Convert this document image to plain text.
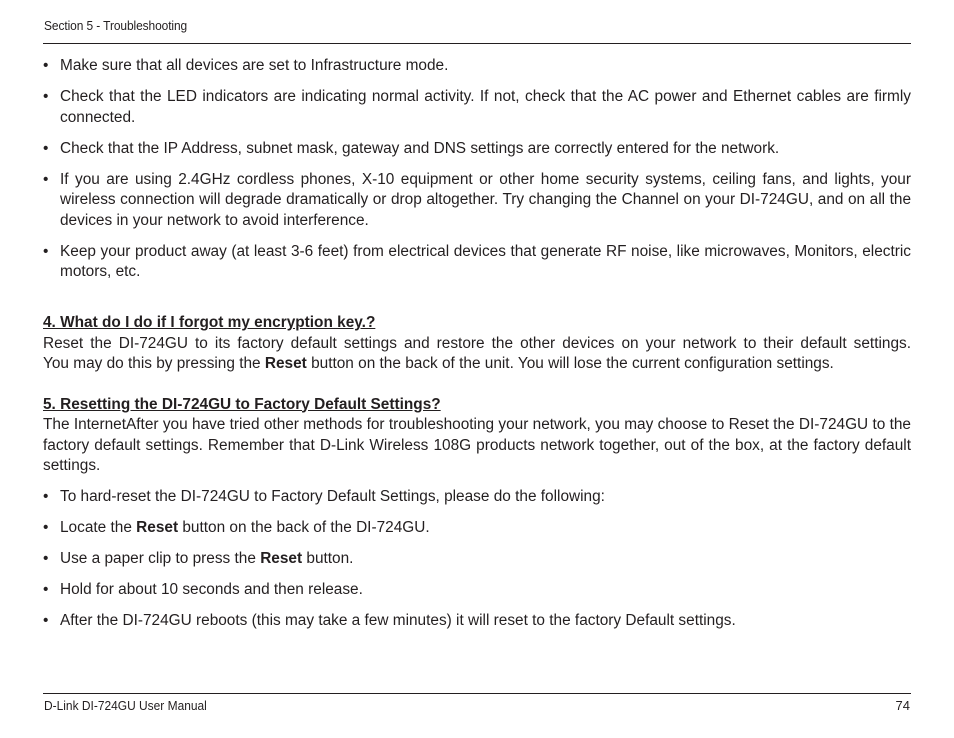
Section 5 - Troubleshooting
• Make sure that all devices are set to Infrastructure mode.
• Check that the LED indicators are indicating normal activity. If not, check that the AC power and Ethernet cables are firmly connected.
• Check that the IP Address, subnet mask, gateway and DNS settings are correctly entered for the network.
• If you are using 2.4GHz cordless phones, X-10 equipment or other home security systems, ceiling fans, and lights, your wireless connection will degrade dramatically or drop altogether. Try changing the Channel on your DI-724GU, and on all the devices in your network to avoid interference.
• Keep your product away (at least 3-6 feet) from electrical devices that generate RF noise, like microwaves, Monitors, electric motors, etc.

4. What do I do if I forgot my encryption key.?

Reset the DI-724GU to its factory default settings and restore the other devices on your network to their default settings.

You may do this by pressing the Reset button on the back of the unit. You will lose the current configuration settings.

5. Resetting the DI-724GU to Factory Default Settings?

The InternetAfter you have tried other methods for troubleshooting your network, you may choose to Reset the DI-724GU to the factory default settings. Remember that D-Link Wireless 108G products network together, out of the box, at the factory default settings.

• To hard-reset the DI-724GU to Factory Default Settings, please do the following:
• Locate the Reset button on the back of the DI-724GU.
• Use a paper clip to press the Reset button.
• Hold for about 10 seconds and then release.
• After the DI-724GU reboots (this may take a few minutes) it will reset to the factory Default settings.
D-Link DI-724GU User Manual	74
